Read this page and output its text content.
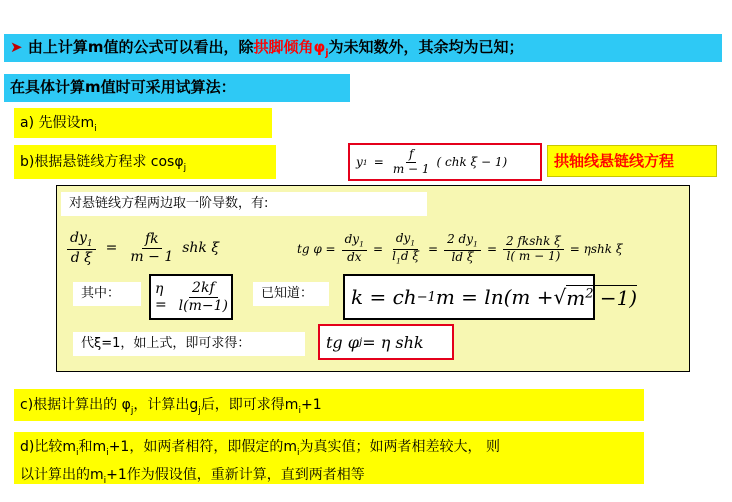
➤ 由上计算m值的公式可以看出，除拱脚倾角$\varphi_j$为未知数外，其余均为已知；
在具体计算m值时可采用试算法：
a) 先假设$m_i$
b)根据悬链线方程求 cosφ$_j$	y $1 = \frac{f}{m - 1}$ ( chk ξ − 1)	拱轴线悬链线方程
对悬链线方程两边取一阶导数，有:
$\frac{dy_1}{\text{d ξ}} = \frac{fk}{m - 1}$ shk ξ	tg $\varphi = \frac{dy_1}{dx} = \frac{dy_1}{l_1d \xi} = \frac{2 dy_1}{\text{ld ξ}} = \frac{\text{2 fkshk ξ}}{l( m - 1)} = \eta shk$ ξ
其中：	$\eta = \frac{2kf}{l(m-1)}$	已知道：	k = ch −1 m = ln(m + √ $m^2 -1$)
代ξ=1，如上式，即可求得：	tg φ j = η shk
c)根据计算出的 $\varphi_j$，计算出$g_j$后，即可求得$m_i+1$
d)比较$m_i$和$m_i+1$，如两者相符，即假定的$m_i$为真实值；如两者相差较大， 则
以计算出的$m_i+1$作为假设值，重新计算，直到两者相等
